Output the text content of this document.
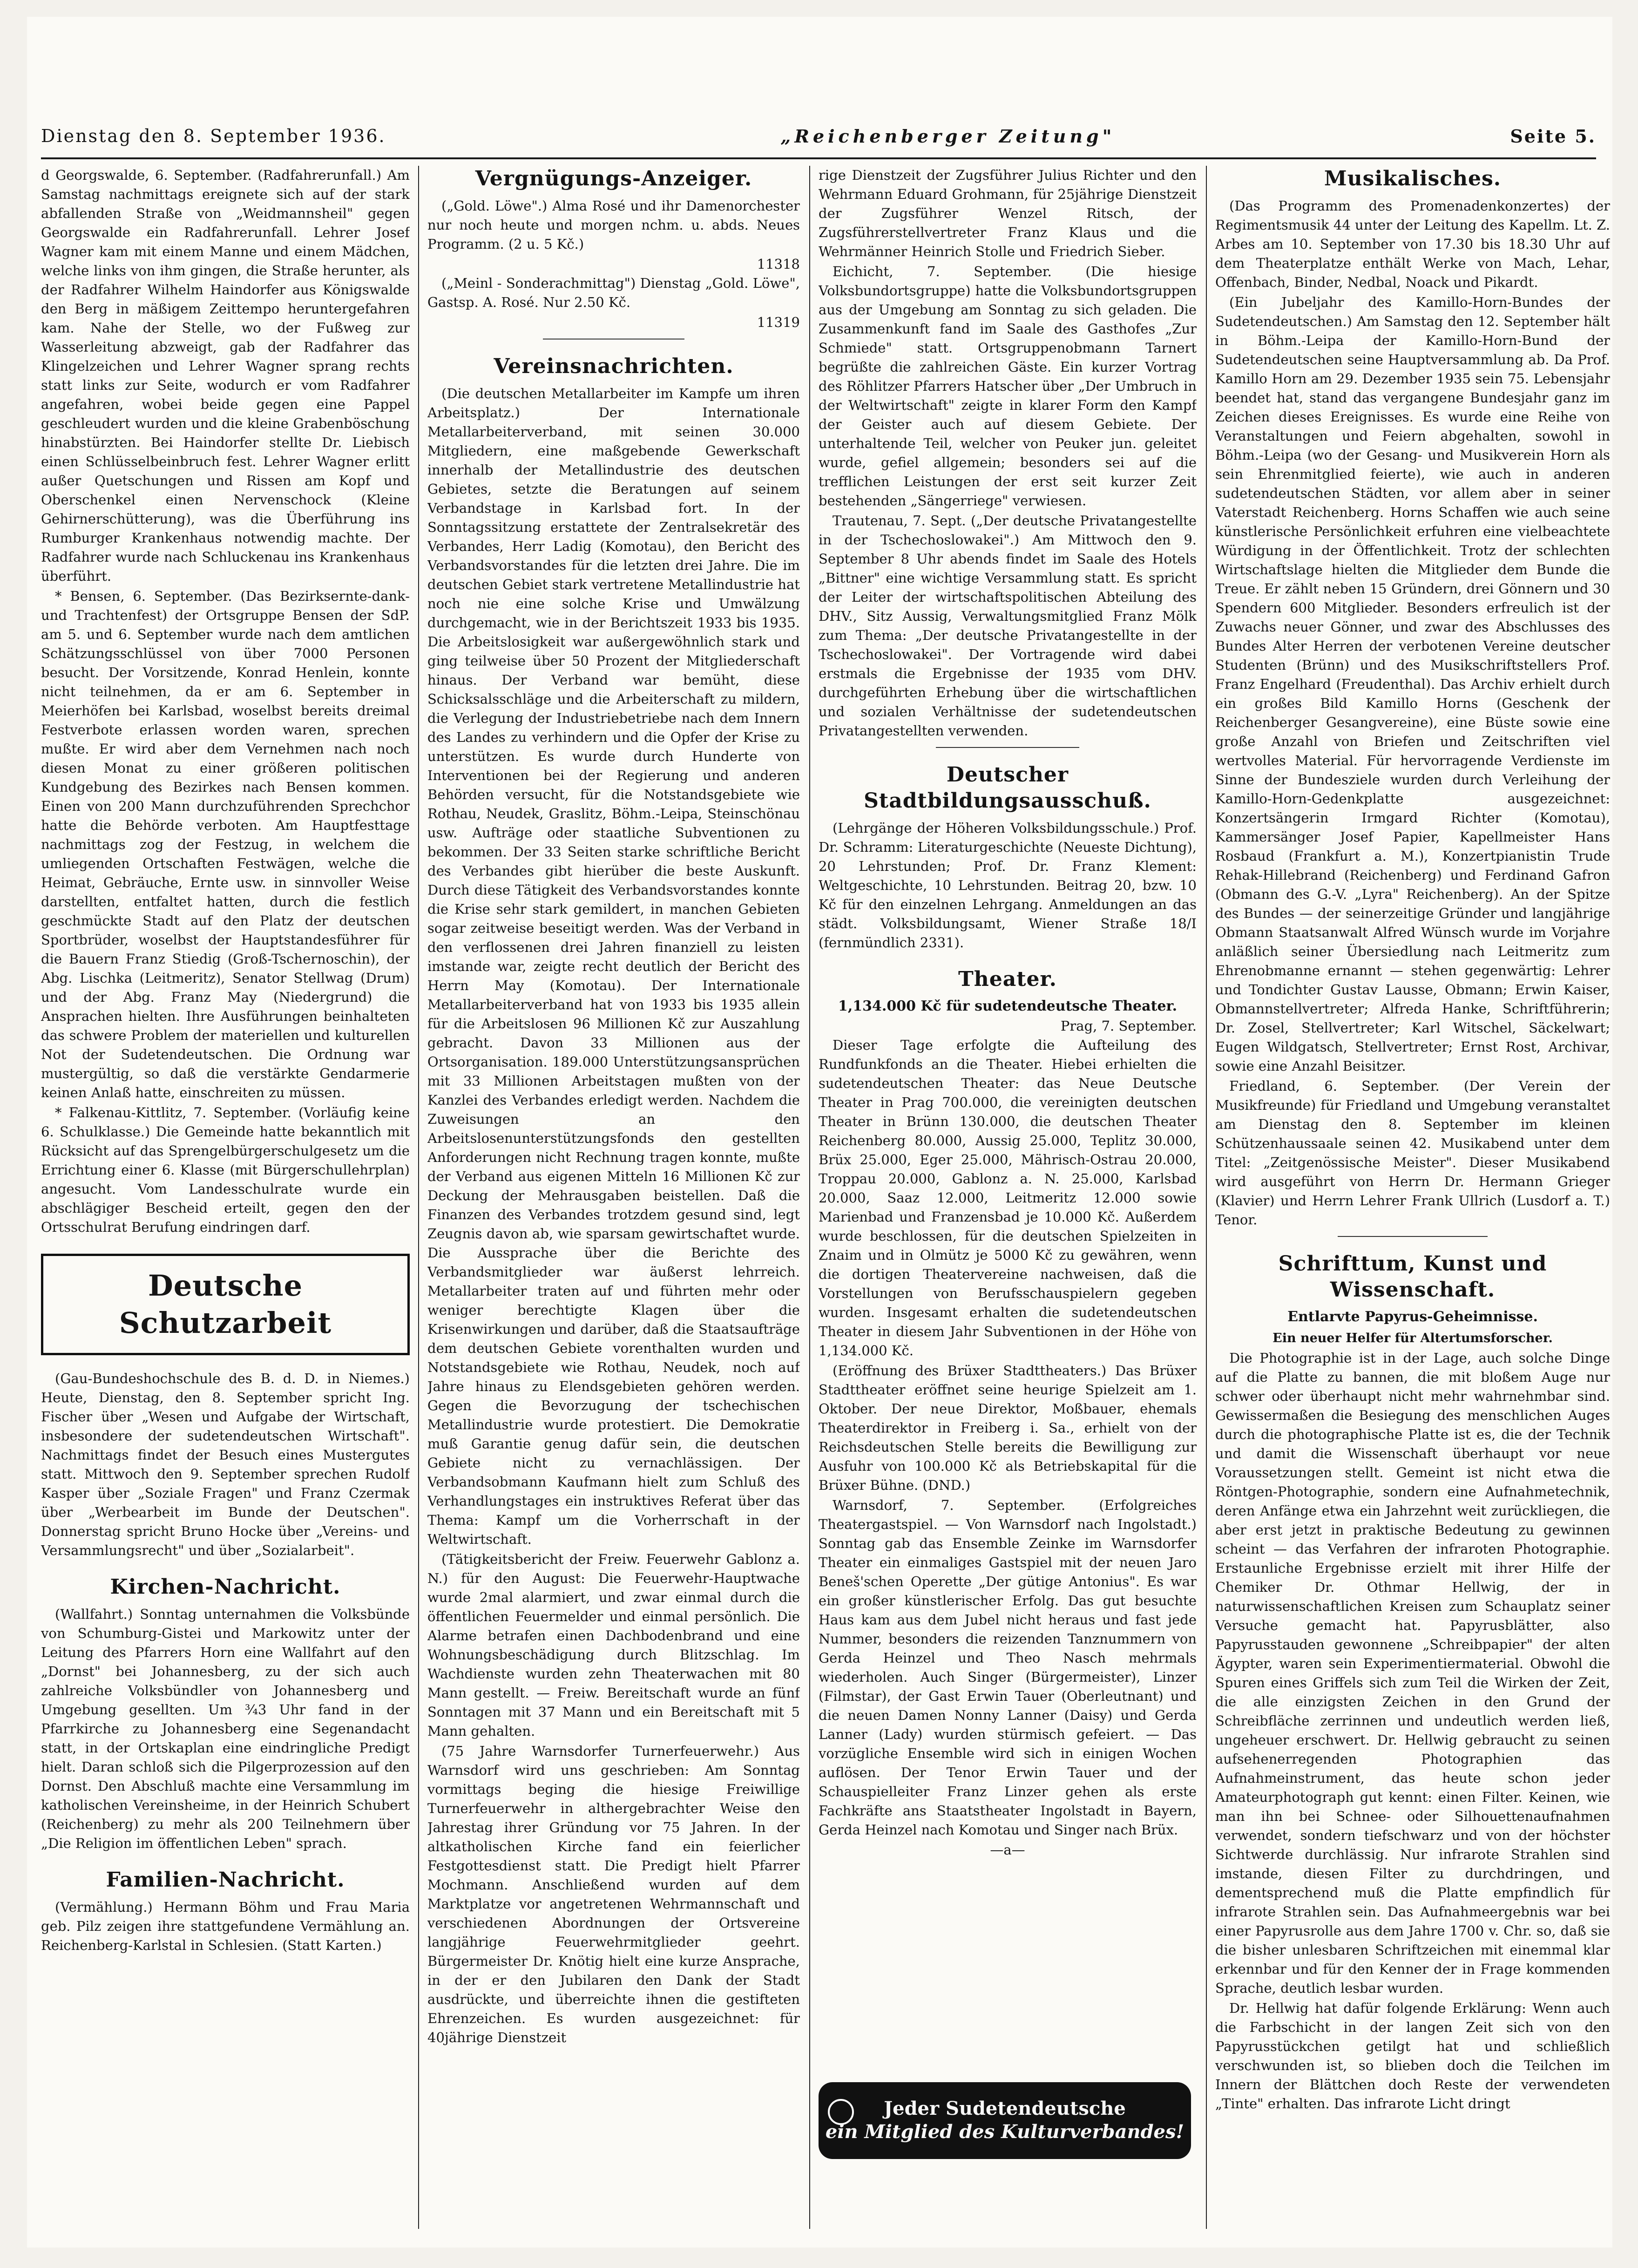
Dienstag den 8. September 1936.	„Reichenberger Zeitung"	Seite 5.

d Georgswalde, 6. September. (Radfahrerunfall.) Am Samstag nachmittags ereignete sich auf der stark abfallenden Straße von „Weidmannsheil" gegen Georgswalde ein Radfahrerunfall. Lehrer Josef Wagner kam mit einem Manne und einem Mädchen, welche links von ihm gingen, die Straße herunter, als der Radfahrer Wilhelm Haindorfer aus Königswalde den Berg in mäßigem Zeittempo heruntergefahren kam. Nahe der Stelle, wo der Fußweg zur Wasserleitung abzweigt, gab der Radfahrer das Klingelzeichen und Lehrer Wagner sprang rechts statt links zur Seite, wodurch er vom Radfahrer angefahren, wobei beide gegen eine Pappel geschleudert wurden und die kleine Grabenböschung hinabstürzten. Bei Haindorfer stellte Dr. Liebisch einen Schlüsselbeinbruch fest. Lehrer Wagner erlitt außer Quetschungen und Rissen am Kopf und Oberschenkel einen Nervenschock (Kleine Gehirnerschütterung), was die Überführung ins Rumburger Krankenhaus notwendig machte. Der Radfahrer wurde nach Schluckenau ins Krankenhaus überführt.

* Bensen, 6. September. (Das Bezirksernte-dank- und Trachtenfest) der Ortsgruppe Bensen der SdP. am 5. und 6. September wurde nach dem amtlichen Schätzungsschlüssel von über 7000 Personen besucht. Der Vorsitzende, Konrad Henlein, konnte nicht teilnehmen, da er am 6. September in Meierhöfen bei Karlsbad, woselbst bereits dreimal Festverbote erlassen worden waren, sprechen mußte. Er wird aber dem Vernehmen nach noch diesen Monat zu einer größeren politischen Kundgebung des Bezirkes nach Bensen kommen. Einen von 200 Mann durchzuführenden Sprechchor hatte die Behörde verboten. Am Hauptfesttage nachmittags zog der Festzug, in welchem die umliegenden Ortschaften Festwägen, welche die Heimat, Gebräuche, Ernte usw. in sinnvoller Weise darstellten, entfaltet hatten, durch die festlich geschmückte Stadt auf den Platz der deutschen Sportbrüder, woselbst der Hauptstandesführer für die Bauern Franz Stiedig (Groß-Tschernoschin), der Abg. Lischka (Leitmeritz), Senator Stellwag (Drum) und der Abg. Franz May (Niedergrund) die Ansprachen hielten. Ihre Ausführungen beinhalteten das schwere Problem der materiellen und kulturellen Not der Sudetendeutschen. Die Ordnung war mustergültig, so daß die verstärkte Gendarmerie keinen Anlaß hatte, einschreiten zu müssen.

* Falkenau-Kittlitz, 7. September. (Vorläufig keine 6. Schulklasse.) Die Gemeinde hatte bekanntlich mit Rücksicht auf das Sprengelbürgerschulgesetz um die Errichtung einer 6. Klasse (mit Bürgerschullehrplan) angesucht. Vom Landesschulrate wurde ein abschlägiger Bescheid erteilt, gegen den der Ortsschulrat Berufung eindringen darf.

Deutsche Schutzarbeit

(Gau-Bundeshochschule des B. d. D. in Niemes.) Heute, Dienstag, den 8. September spricht Ing. Fischer über „Wesen und Aufgabe der Wirtschaft, insbesondere der sudetendeutschen Wirtschaft". Nachmittags findet der Besuch eines Mustergutes statt. Mittwoch den 9. September sprechen Rudolf Kasper über „Soziale Fragen" und Franz Czermak über „Werbearbeit im Bunde der Deutschen". Donnerstag spricht Bruno Hocke über „Vereins- und Versammlungsrecht" und über „Sozialarbeit".

Kirchen-Nachricht.

(Wallfahrt.) Sonntag unternahmen die Volksbünde von Schumburg-Gistei und Markowitz unter der Leitung des Pfarrers Horn eine Wallfahrt auf den „Dornst" bei Johannesberg, zu der sich auch zahlreiche Volksbündler von Johannesberg und Umgebung gesellten. Um ¾3 Uhr fand in der Pfarrkirche zu Johannesberg eine Segenandacht statt, in der Ortskaplan eine eindringliche Predigt hielt. Daran schloß sich die Pilgerprozession auf den Dornst. Den Abschluß machte eine Versammlung im katholischen Vereinsheime, in der Heinrich Schubert (Reichenberg) zu mehr als 200 Teilnehmern über „Die Religion im öffentlichen Leben" sprach.

Familien-Nachricht.

(Vermählung.) Hermann Böhm und Frau Maria geb. Pilz zeigen ihre stattgefundene Vermählung an. Reichenberg-Karlstal in Schlesien. (Statt Karten.)

Vergnügungs-Anzeiger.

(„Gold. Löwe".) Alma Rosé und ihr Damenorchester nur noch heute und morgen nchm. u. abds. Neues Programm. (2 u. 5 Kč.)

11318

(„Meinl - Sonderachmittag") Dienstag „Gold. Löwe", Gastsp. A. Rosé. Nur 2.50 Kč.

11319

Vereinsnachrichten.

(Die deutschen Metallarbeiter im Kampfe um ihren Arbeitsplatz.) Der Internationale Metallarbeiterverband, mit seinen 30.000 Mitgliedern, eine maßgebende Gewerkschaft innerhalb der Metallindustrie des deutschen Gebietes, setzte die Beratungen auf seinem Verbandstage in Karlsbad fort. In der Sonntagssitzung erstattete der Zentralsekretär des Verbandes, Herr Ladig (Komotau), den Bericht des Verbandsvorstandes für die letzten drei Jahre. Die im deutschen Gebiet stark vertretene Metallindustrie hat noch nie eine solche Krise und Umwälzung durchgemacht, wie in der Berichtszeit 1933 bis 1935. Die Arbeitslosigkeit war außergewöhnlich stark und ging teilweise über 50 Prozent der Mitgliederschaft hinaus. Der Verband war bemüht, diese Schicksalsschläge und die Arbeiterschaft zu mildern, die Verlegung der Industriebetriebe nach dem Innern des Landes zu verhindern und die Opfer der Krise zu unterstützen. Es wurde durch Hunderte von Interventionen bei der Regierung und anderen Behörden versucht, für die Notstandsgebiete wie Rothau, Neudek, Graslitz, Böhm.-Leipa, Steinschönau usw. Aufträge oder staatliche Subventionen zu bekommen. Der 33 Seiten starke schriftliche Bericht des Verbandes gibt hierüber die beste Auskunft. Durch diese Tätigkeit des Verbandsvorstandes konnte die Krise sehr stark gemildert, in manchen Gebieten sogar zeitweise beseitigt werden. Was der Verband in den verflossenen drei Jahren finanziell zu leisten imstande war, zeigte recht deutlich der Bericht des Herrn May (Komotau). Der Internationale Metallarbeiterverband hat von 1933 bis 1935 allein für die Arbeitslosen 96 Millionen Kč zur Auszahlung gebracht. Davon 33 Millionen aus der Ortsorganisation. 189.000 Unterstützungsansprüchen mit 33 Millionen Arbeitstagen mußten von der Kanzlei des Verbandes erledigt werden. Nachdem die Zuweisungen an den Arbeitslosenunterstützungsfonds den gestellten Anforderungen nicht Rechnung tragen konnte, mußte der Verband aus eigenen Mitteln 16 Millionen Kč zur Deckung der Mehrausgaben beistellen. Daß die Finanzen des Verbandes trotzdem gesund sind, legt Zeugnis davon ab, wie sparsam gewirtschaftet wurde. Die Aussprache über die Berichte des Verbandsmitglieder war äußerst lehrreich. Metallarbeiter traten auf und führten mehr oder weniger berechtigte Klagen über die Krisenwirkungen und darüber, daß die Staatsaufträge dem deutschen Gebiete vorenthalten wurden und Notstandsgebiete wie Rothau, Neudek, noch auf Jahre hinaus zu Elendsgebieten gehören werden. Gegen die Bevorzugung der tschechischen Metallindustrie wurde protestiert. Die Demokratie muß Garantie genug dafür sein, die deutschen Gebiete nicht zu vernachlässigen. Der Verbandsobmann Kaufmann hielt zum Schluß des Verhandlungstages ein instruktives Referat über das Thema: Kampf um die Vorherrschaft in der Weltwirtschaft.

(Tätigkeitsbericht der Freiw. Feuerwehr Gablonz a. N.) für den August: Die Feuerwehr-Hauptwache wurde 2mal alarmiert, und zwar einmal durch die öffentlichen Feuermelder und einmal persönlich. Die Alarme betrafen einen Dachbodenbrand und eine Wohnungsbeschädigung durch Blitzschlag. Im Wachdienste wurden zehn Theaterwachen mit 80 Mann gestellt. — Freiw. Bereitschaft wurde an fünf Sonntagen mit 37 Mann und ein Bereitschaft mit 5 Mann gehalten.

(75 Jahre Warnsdorfer Turnerfeuerwehr.) Aus Warnsdorf wird uns geschrieben: Am Sonntag vormittags beging die hiesige Freiwillige Turnerfeuerwehr in althergebrachter Weise den Jahrestag ihrer Gründung vor 75 Jahren. In der altkatholischen Kirche fand ein feierlicher Festgottesdienst statt. Die Predigt hielt Pfarrer Mochmann. Anschließend wurden auf dem Marktplatze vor angetretenen Wehrmannschaft und verschiedenen Abordnungen der Ortsvereine langjährige Feuerwehrmitglieder geehrt. Bürgermeister Dr. Knötig hielt eine kurze Ansprache, in der er den Jubilaren den Dank der Stadt ausdrückte, und überreichte ihnen die gestifteten Ehrenzeichen. Es wurden ausgezeichnet: für 40jährige Dienstzeit

rige Dienstzeit der Zugsführer Julius Richter und den Wehrmann Eduard Grohmann, für 25jährige Dienstzeit der Zugsführer Wenzel Ritsch, der Zugsführerstellvertreter Franz Klaus und die Wehrmänner Heinrich Stolle und Friedrich Sieber.

Eichicht, 7. September. (Die hiesige Volksbundortsgruppe) hatte die Volksbundortsgruppen aus der Umgebung am Sonntag zu sich geladen. Die Zusammenkunft fand im Saale des Gasthofes „Zur Schmiede" statt. Ortsgruppenobmann Tarnert begrüßte die zahlreichen Gäste. Ein kurzer Vortrag des Röhlitzer Pfarrers Hatscher über „Der Umbruch in der Weltwirtschaft" zeigte in klarer Form den Kampf der Geister auch auf diesem Gebiete. Der unterhaltende Teil, welcher von Peuker jun. geleitet wurde, gefiel allgemein; besonders sei auf die trefflichen Leistungen der erst seit kurzer Zeit bestehenden „Sängerriege" verwiesen.

Trautenau, 7. Sept. („Der deutsche Privatangestellte in der Tschechoslowakei".) Am Mittwoch den 9. September 8 Uhr abends findet im Saale des Hotels „Bittner" eine wichtige Versammlung statt. Es spricht der Leiter der wirtschaftspolitischen Abteilung des DHV., Sitz Aussig, Verwaltungsmitglied Franz Mölk zum Thema: „Der deutsche Privatangestellte in der Tschechoslowakei". Der Vortragende wird dabei erstmals die Ergebnisse der 1935 vom DHV. durchgeführten Erhebung über die wirtschaftlichen und sozialen Verhältnisse der sudetendeutschen Privatangestellten verwenden.

Deutscher Stadtbildungsausschuß.

(Lehrgänge der Höheren Volksbildungsschule.) Prof. Dr. Schramm: Literaturgeschichte (Neueste Dichtung), 20 Lehrstunden; Prof. Dr. Franz Klement: Weltgeschichte, 10 Lehrstunden. Beitrag 20, bzw. 10 Kč für den einzelnen Lehrgang. Anmeldungen an das städt. Volksbildungsamt, Wiener Straße 18/I (fernmündlich 2331).

Theater.
1,134.000 Kč für sudetendeutsche Theater.

Prag, 7. September.

Dieser Tage erfolgte die Aufteilung des Rundfunkfonds an die Theater. Hiebei erhielten die sudetendeutschen Theater: das Neue Deutsche Theater in Prag 700.000, die vereinigten deutschen Theater in Brünn 130.000, die deutschen Theater Reichenberg 80.000, Aussig 25.000, Teplitz 30.000, Brüx 25.000, Eger 25.000, Mährisch-Ostrau 20.000, Troppau 20.000, Gablonz a. N. 25.000, Karlsbad 20.000, Saaz 12.000, Leitmeritz 12.000 sowie Marienbad und Franzensbad je 10.000 Kč. Außerdem wurde beschlossen, für die deutschen Spielzeiten in Znaim und in Olmütz je 5000 Kč zu gewähren, wenn die dortigen Theatervereine nachweisen, daß die Vorstellungen von Berufsschauspielern gegeben wurden. Insgesamt erhalten die sudetendeutschen Theater in diesem Jahr Subventionen in der Höhe von 1,134.000 Kč.

(Eröffnung des Brüxer Stadttheaters.) Das Brüxer Stadttheater eröffnet seine heurige Spielzeit am 1. Oktober. Der neue Direktor, Moßbauer, ehemals Theaterdirektor in Freiberg i. Sa., erhielt von der Reichsdeutschen Stelle bereits die Bewilligung zur Ausfuhr von 100.000 Kč als Betriebskapital für die Brüxer Bühne. (DND.)

Warnsdorf, 7. September. (Erfolgreiches Theatergastspiel. — Von Warnsdorf nach Ingolstadt.) Sonntag gab das Ensemble Zeinke im Warnsdorfer Theater ein einmaliges Gastspiel mit der neuen Jaro Beneš'schen Operette „Der gütige Antonius". Es war ein großer künstlerischer Erfolg. Das gut besuchte Haus kam aus dem Jubel nicht heraus und fast jede Nummer, besonders die reizenden Tanznummern von Gerda Heinzel und Theo Nasch mehrmals wiederholen. Auch Singer (Bürgermeister), Linzer (Filmstar), der Gast Erwin Tauer (Oberleutnant) und die neuen Damen Nonny Lanner (Daisy) und Gerda Lanner (Lady) wurden stürmisch gefeiert. — Das vorzügliche Ensemble wird sich in einigen Wochen auflösen. Der Tenor Erwin Tauer und der Schauspielleiter Franz Linzer gehen als erste Fachkräfte ans Staatstheater Ingolstadt in Bayern, Gerda Heinzel nach Komotau und Singer nach Brüx.

—a—

Musikalisches.

(Das Programm des Promenadenkonzertes) der Regimentsmusik 44 unter der Leitung des Kapellm. Lt. Z. Arbes am 10. September von 17.30 bis 18.30 Uhr auf dem Theaterplatze enthält Werke von Mach, Lehar, Offenbach, Binder, Nedbal, Noack und Pikardt.

(Ein Jubeljahr des Kamillo-Horn-Bundes der Sudetendeutschen.) Am Samstag den 12. September hält in Böhm.-Leipa der Kamillo-Horn-Bund der Sudetendeutschen seine Hauptversammlung ab. Da Prof. Kamillo Horn am 29. Dezember 1935 sein 75. Lebensjahr beendet hat, stand das vergangene Bundesjahr ganz im Zeichen dieses Ereignisses. Es wurde eine Reihe von Veranstaltungen und Feiern abgehalten, sowohl in Böhm.-Leipa (wo der Gesang- und Musikverein Horn als sein Ehrenmitglied feierte), wie auch in anderen sudetendeutschen Städten, vor allem aber in seiner Vaterstadt Reichenberg. Horns Schaffen wie auch seine künstlerische Persönlichkeit erfuhren eine vielbeachtete Würdigung in der Öffentlichkeit. Trotz der schlechten Wirtschaftslage hielten die Mitglieder dem Bunde die Treue. Er zählt neben 15 Gründern, drei Gönnern und 30 Spendern 600 Mitglieder. Besonders erfreulich ist der Zuwachs neuer Gönner, und zwar des Abschlusses des Bundes Alter Herren der verbotenen Vereine deutscher Studenten (Brünn) und des Musikschriftstellers Prof. Franz Engelhard (Freudenthal). Das Archiv erhielt durch ein großes Bild Kamillo Horns (Geschenk der Reichenberger Gesangvereine), eine Büste sowie eine große Anzahl von Briefen und Zeitschriften viel wertvolles Material. Für hervorragende Verdienste im Sinne der Bundesziele wurden durch Verleihung der Kamillo-Horn-Gedenkplatte ausgezeichnet: Konzertsängerin Irmgard Richter (Komotau), Kammersänger Josef Papier, Kapellmeister Hans Rosbaud (Frankfurt a. M.), Konzertpianistin Trude Rehak-Hillebrand (Reichenberg) und Ferdinand Gafron (Obmann des G.-V. „Lyra" Reichenberg). An der Spitze des Bundes — der seinerzeitige Gründer und langjährige Obmann Staatsanwalt Alfred Wünsch wurde im Vorjahre anläßlich seiner Übersiedlung nach Leitmeritz zum Ehrenobmanne ernannt — stehen gegenwärtig: Lehrer und Tondichter Gustav Lausse, Obmann; Erwin Kaiser, Obmannstellvertreter; Alfreda Hanke, Schriftführerin; Dr. Zosel, Stellvertreter; Karl Witschel, Säckelwart; Eugen Wildgatsch, Stellvertreter; Ernst Rost, Archivar, sowie eine Anzahl Beisitzer.

Friedland, 6. September. (Der Verein der Musikfreunde) für Friedland und Umgebung veranstaltet am Dienstag den 8. September im kleinen Schützenhaussaale seinen 42. Musikabend unter dem Titel: „Zeitgenössische Meister". Dieser Musikabend wird ausgeführt von Herrn Dr. Hermann Grieger (Klavier) und Herrn Lehrer Frank Ullrich (Lusdorf a. T.) Tenor.

Schrifttum, Kunst und Wissenschaft.
Entlarvte Papyrus-Geheimnisse.
Ein neuer Helfer für Altertumsforscher.

Die Photographie ist in der Lage, auch solche Dinge auf die Platte zu bannen, die mit bloßem Auge nur schwer oder überhaupt nicht mehr wahrnehmbar sind. Gewissermaßen die Besiegung des menschlichen Auges durch die photographische Platte ist es, die der Technik und damit die Wissenschaft überhaupt vor neue Voraussetzungen stellt. Gemeint ist nicht etwa die Röntgen-Photographie, sondern eine Aufnahmetechnik, deren Anfänge etwa ein Jahrzehnt weit zurückliegen, die aber erst jetzt in praktische Bedeutung zu gewinnen scheint — das Verfahren der infraroten Photographie. Erstaunliche Ergebnisse erzielt mit ihrer Hilfe der Chemiker Dr. Othmar Hellwig, der in naturwissenschaftlichen Kreisen zum Schauplatz seiner Versuche gemacht hat. Papyrusblätter, also Papyrusstauden gewonnene „Schreibpapier" der alten Ägypter, waren sein Experimentiermaterial. Obwohl die Spuren eines Griffels sich zum Teil die Wirken der Zeit, die alle einzigsten Zeichen in den Grund der Schreibfläche zerrinnen und undeutlich werden ließ, ungeheuer erschwert. Dr. Hellwig gebraucht zu seinen aufsehenerregenden Photographien das Aufnahmeinstrument, das heute schon jeder Amateurphotograph gut kennt: einen Filter. Keinen, wie man ihn bei Schnee- oder Silhouettenaufnahmen verwendet, sondern tiefschwarz und von der höchster Sichtwerde durchlässig. Nur infrarote Strahlen sind imstande, diesen Filter zu durchdringen, und dementsprechend muß die Platte empfindlich für infrarote Strahlen sein. Das Aufnahmeergebnis war bei einer Papyrusrolle aus dem Jahre 1700 v. Chr. so, daß sie die bisher unlesbaren Schriftzeichen mit einemmal klar erkennbar und für den Kenner der in Frage kommenden Sprache, deutlich lesbar wurden.

Dr. Hellwig hat dafür folgende Erklärung: Wenn auch die Farbschicht in der langen Zeit sich von den Papyrusstückchen getilgt hat und schließlich verschwunden ist, so blieben doch die Teilchen im Innern der Blättchen doch Reste der verwendeten „Tinte" erhalten. Das infrarote Licht dringt

Jeder Sudetendeutsche
ein Mitglied des Kulturverbandes!
